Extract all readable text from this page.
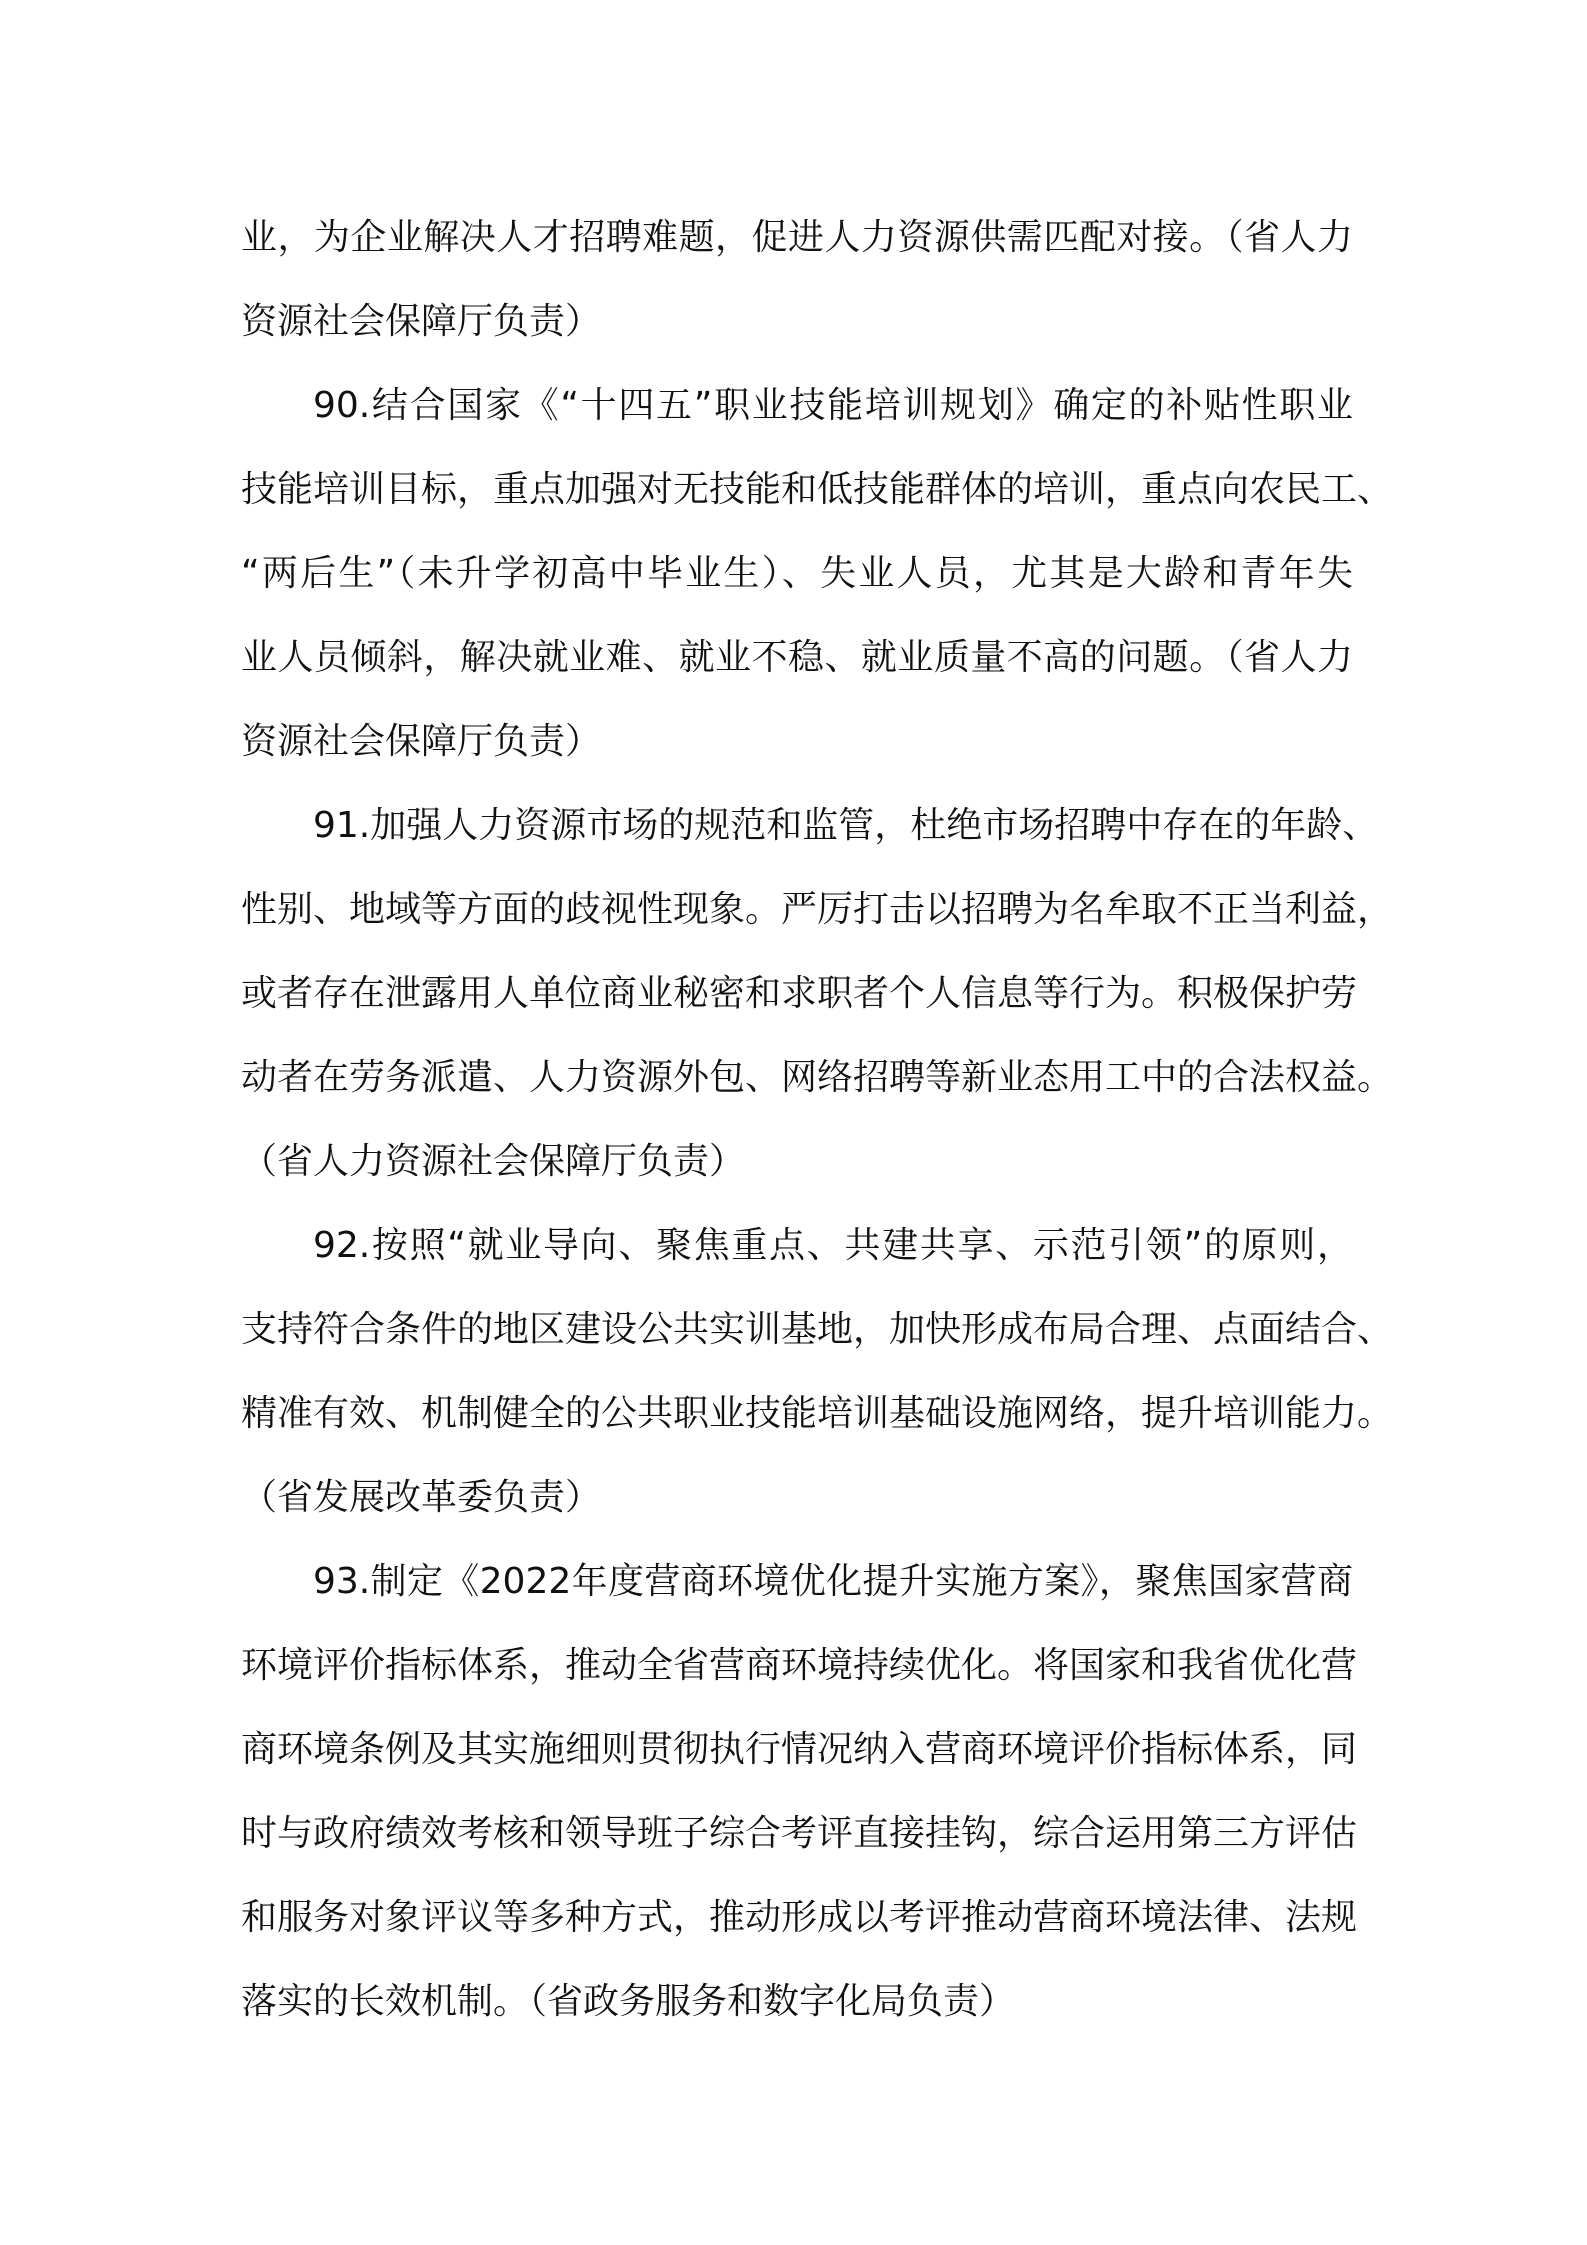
业，为企业解决人才招聘难题，促进人力资源供需匹配对接。（省人力
资源社会保障厅负责）
90.结合国家《“十四五”职业技能培训规划》确定的补贴性职业
技能培训目标，重点加强对无技能和低技能群体的培训，重点向农民工、
“两后生”（未升学初高中毕业生）、失业人员，尤其是大龄和青年失
业人员倾斜，解决就业难、就业不稳、就业质量不高的问题。（省人力
资源社会保障厅负责）
91.加强人力资源市场的规范和监管，杜绝市场招聘中存在的年龄、
性别、地域等方面的歧视性现象。严厉打击以招聘为名牟取不正当利益，
或者存在泄露用人单位商业秘密和求职者个人信息等行为。积极保护劳
动者在劳务派遣、人力资源外包、网络招聘等新业态用工中的合法权益。
（省人力资源社会保障厅负责）
92.按照“就业导向、聚焦重点、共建共享、示范引领”的原则，
支持符合条件的地区建设公共实训基地，加快形成布局合理、点面结合、
精准有效、机制健全的公共职业技能培训基础设施网络，提升培训能力。
（省发展改革委负责）
93.制定《2022年度营商环境优化提升实施方案》，聚焦国家营商
环境评价指标体系，推动全省营商环境持续优化。将国家和我省优化营
商环境条例及其实施细则贯彻执行情况纳入营商环境评价指标体系，同
时与政府绩效考核和领导班子综合考评直接挂钩，综合运用第三方评估
和服务对象评议等多种方式，推动形成以考评推动营商环境法律、法规
落实的长效机制。（省政务服务和数字化局负责）
